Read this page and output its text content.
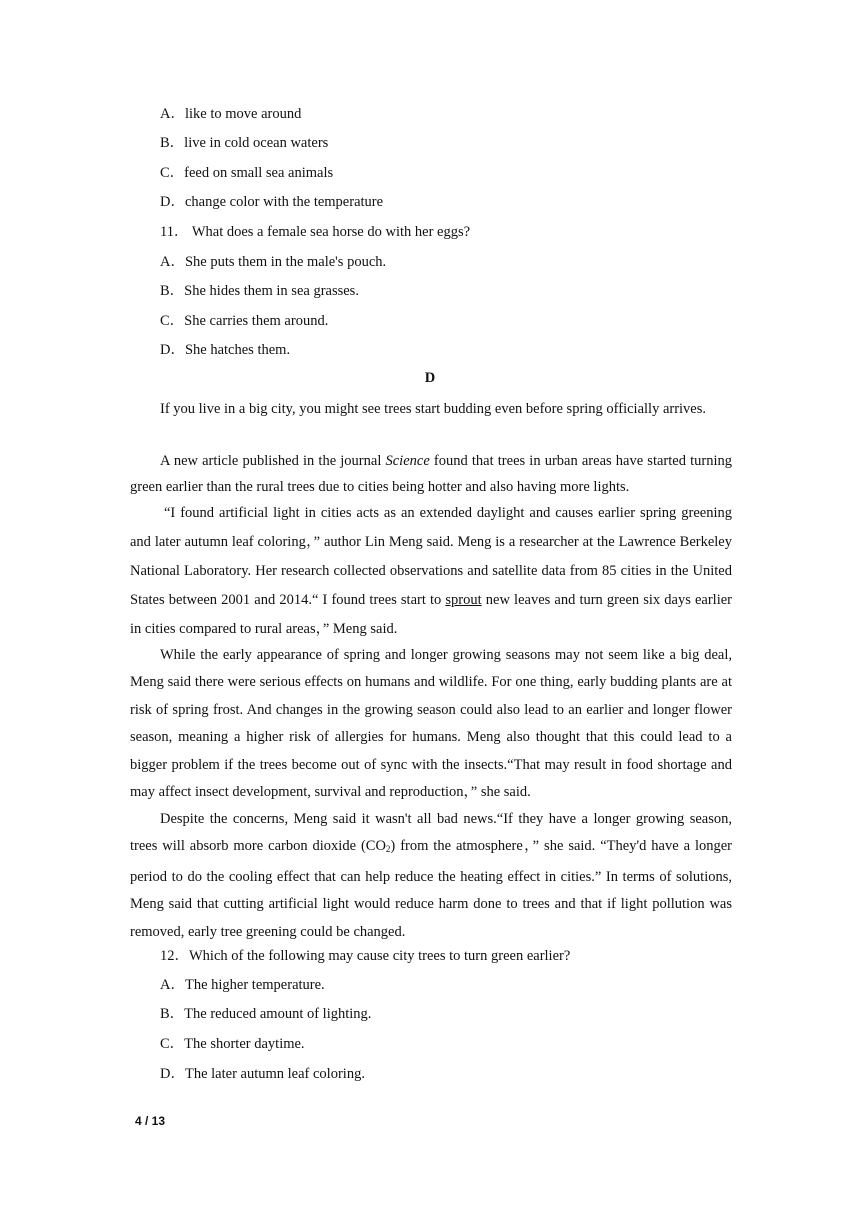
A．like to move around
B．live in cold ocean waters
C．feed on small sea animals
D．change color with the temperature
11． What does a female sea horse do with her eggs?
A．She puts them in the male's pouch.
B．She hides them in sea grasses.
C．She carries them around.
D．She hatches them.
D
If you live in a big city, you might see trees start budding even before spring officially arrives.
A new article published in the journal Science found that trees in urban areas have started turning green earlier than the rural trees due to cities being hotter and also having more lights.
“I found artificial light in cities acts as an extended daylight and causes earlier spring greening and later autumn leaf coloring，” author Lin Meng said. Meng is a researcher at the Lawrence Berkeley National Laboratory. Her research collected observations and satellite data from 85 cities in the United States between 2001 and 2014.“ I found trees start to sprout new leaves and turn green six days earlier in cities compared to rural areas，” Meng said.
While the early appearance of spring and longer growing seasons may not seem like a big deal, Meng said there were serious effects on humans and wildlife. For one thing, early budding plants are at risk of spring frost. And changes in the growing season could also lead to an earlier and longer flower season, meaning a higher risk of allergies for humans. Meng also thought that this could lead to a bigger problem if the trees become out of sync with the insects.“That may result in food shortage and may affect insect development, survival and reproduction，” she said.
Despite the concerns, Meng said it wasn't all bad news.“If they have a longer growing season, trees will absorb more carbon dioxide $(CO_2)$ from the atmosphere，” she said. “They'd have a longer period to do the cooling effect that can help reduce the heating effect in cities.” In terms of solutions, Meng said that cutting artificial light would reduce harm done to trees and that if light pollution was removed, early tree greening could be changed.
12．Which of the following may cause city trees to turn green earlier?
A．The higher temperature.
B．The reduced amount of lighting.
C．The shorter daytime.
D．The later autumn leaf coloring.
4 / 13
